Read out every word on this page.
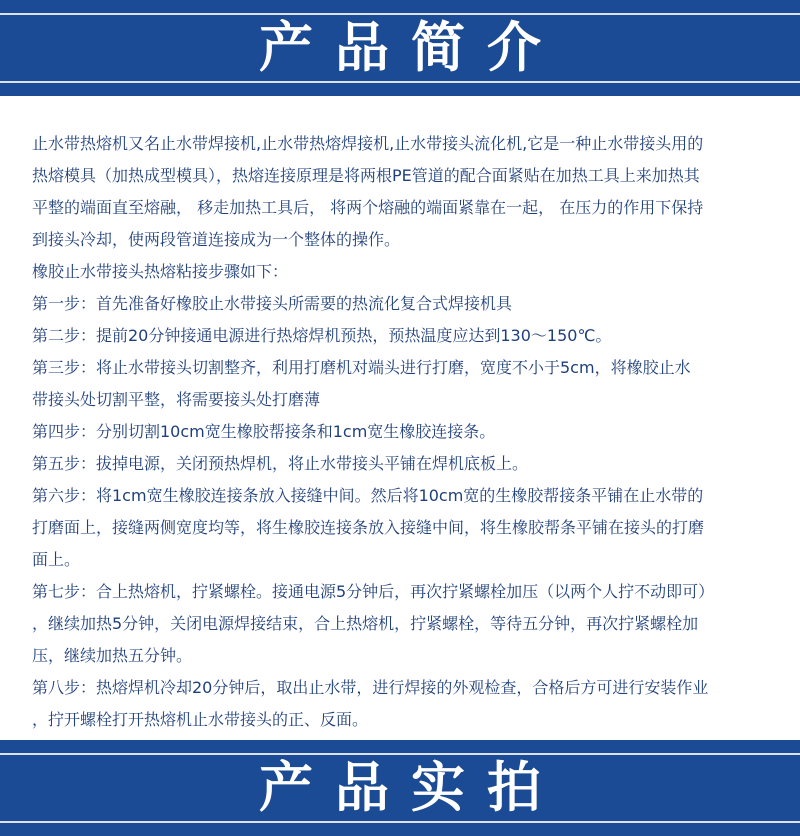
产品简介

止水带热熔机又名止水带焊接机,止水带热熔焊接机,止水带接头流化机,它是一种止水带接头用的

热熔模具（加热成型模具），热熔连接原理是将两根PE管道的配合面紧贴在加热工具上来加热其

平整的端面直至熔融， 移走加热工具后， 将两个熔融的端面紧靠在一起， 在压力的作用下保持

到接头冷却，使两段管道连接成为一个整体的操作。

橡胶止水带接头热熔粘接步骤如下：

第一步：首先准备好橡胶止水带接头所需要的热流化复合式焊接机具

第二步：提前20分钟接通电源进行热熔焊机预热，预热温度应达到130～150℃。

第三步：将止水带接头切割整齐，利用打磨机对端头进行打磨，宽度不小于5cm，将橡胶止水

带接头处切割平整，将需要接头处打磨薄

第四步：分别切割10cm宽生橡胶帮接条和1cm宽生橡胶连接条。

第五步：拔掉电源，关闭预热焊机，将止水带接头平铺在焊机底板上。

第六步：将1cm宽生橡胶连接条放入接缝中间。然后将10cm宽的生橡胶帮接条平铺在止水带的

打磨面上，接缝两侧宽度均等，将生橡胶连接条放入接缝中间，将生橡胶帮条平铺在接头的打磨

面上。

第七步：合上热熔机，拧紧螺栓。接通电源5分钟后，再次拧紧螺栓加压（以两个人拧不动即可）

，继续加热5分钟，关闭电源焊接结束，合上热熔机，拧紧螺栓，等待五分钟，再次拧紧螺栓加

压，继续加热五分钟。

第八步：热熔焊机冷却20分钟后，取出止水带，进行焊接的外观检查，合格后方可进行安装作业

，拧开螺栓打开热熔机止水带接头的正、反面。

产品实拍
